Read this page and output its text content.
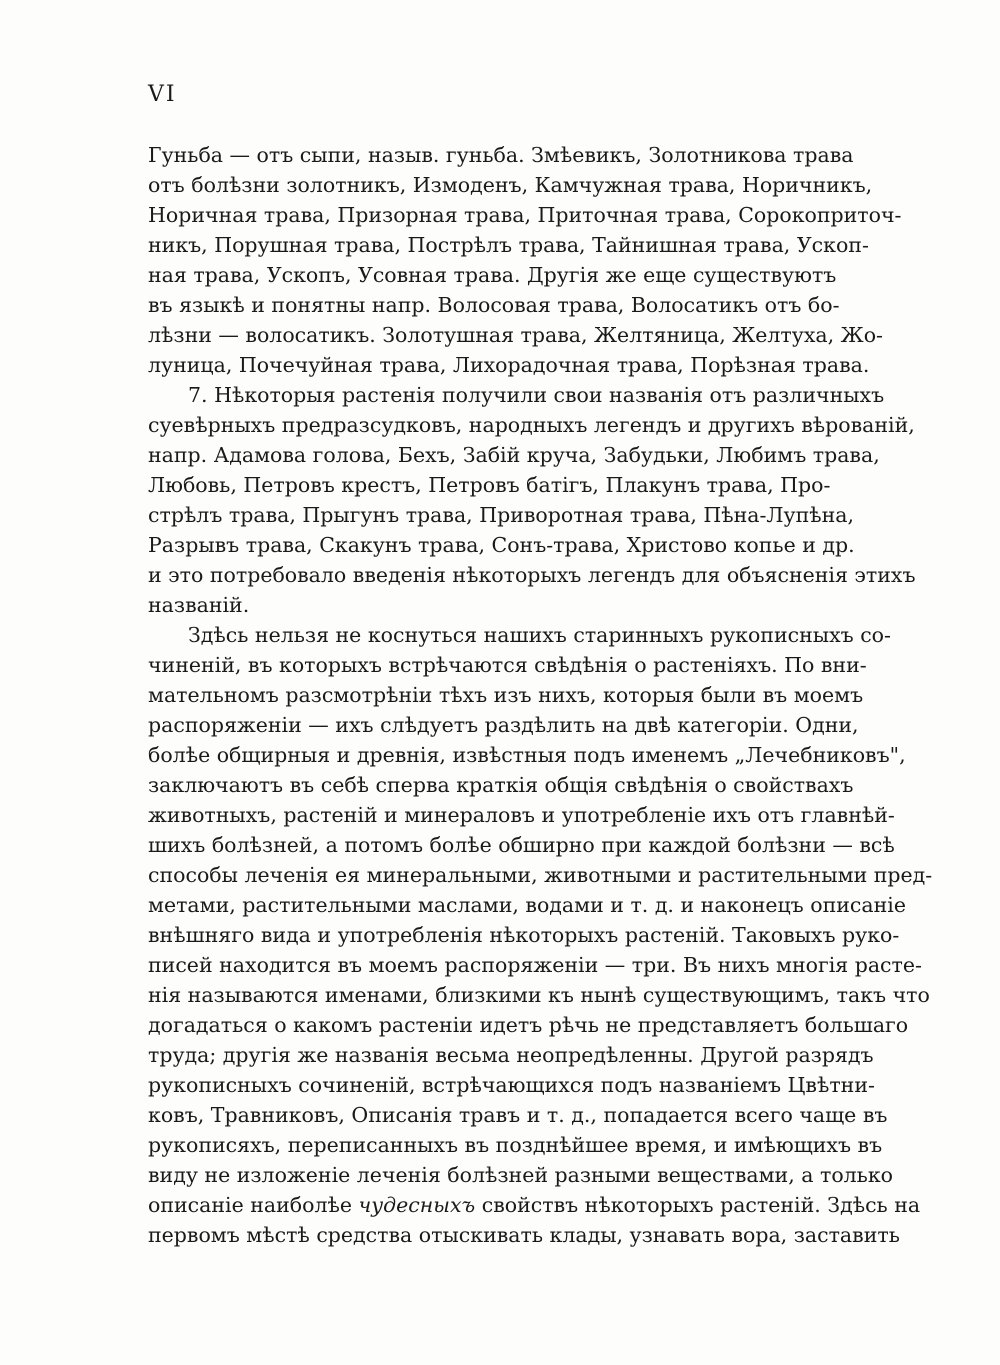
VI

Гуньба — отъ сыпи, назыв. гуньба. Змѣевикъ, Золотникова трава

отъ болѣзни золотникъ, Измоденъ, Камчужная трава, Норичникъ,

Норичная трава, Призорная трава, Приточная трава, Сорокоприточ-

никъ, Порушная трава, Пострѣлъ трава, Тайнишная трава, Ускоп-

ная трава, Ускопъ, Усовная трава. Другія же еще существуютъ

въ языкѣ и понятны напр. Волосовая трава, Волосатикъ отъ бо-

лѣзни — волосатикъ. Золотушная трава, Желтяница, Желтуха, Жо-

луница, Почечуйная трава, Лихорадочная трава, Порѣзная трава.

7. Нѣкоторыя растенія получили свои названія отъ различныхъ

суевѣрныхъ предразсудковъ, народныхъ легендъ и другихъ вѣрованій,

напр. Адамова голова, Бехъ, Забій круча, Забудьки, Любимъ трава,

Любовь, Петровъ крестъ, Петровъ батігъ, Плакунъ трава, Про-

стрѣлъ трава, Прыгунъ трава, Приворотная трава, Пѣна-Лупѣна,

Разрывъ трава, Скакунъ трава, Сонъ-трава, Христово копье и др.

и это потребовало введенія нѣкоторыхъ легендъ для объясненія этихъ

названій.

Здѣсь нельзя не коснуться нашихъ старинныхъ рукописныхъ со-

чиненій, въ которыхъ встрѣчаются свѣдѣнія о растеніяхъ. По вни-

мательномъ разсмотрѣніи тѣхъ изъ нихъ, которыя были въ моемъ

распоряженіи — ихъ слѣдуетъ раздѣлить на двѣ категоріи. Одни,

болѣе общирныя и древнія, извѣстныя подъ именемъ „Лечебниковъ",

заключаютъ въ себѣ сперва краткія общія свѣдѣнія о свойствахъ

животныхъ, растеній и минераловъ и употребленіе ихъ отъ главнѣй-

шихъ болѣзней, а потомъ болѣе обширно при каждой болѣзни — всѣ

способы леченія ея минеральными, животными и растительными пред-

метами, растительными маслами, водами и т. д. и наконецъ описаніе

внѣшняго вида и употребленія нѣкоторыхъ растеній. Таковыхъ руко-

писей находится въ моемъ распоряженіи — три. Въ нихъ многія расте-

нія называются именами, близкими къ нынѣ существующимъ, такъ что

догадаться о какомъ растеніи идетъ рѣчь не представляетъ большаго

труда; другія же названія весьма неопредѣленны. Другой разрядъ

рукописныхъ сочиненій, встрѣчающихся подъ названіемъ Цвѣтни-

ковъ, Травниковъ, Описанія травъ и т. д., попадается всего чаще въ

рукописяхъ, переписанныхъ въ позднѣйшее время, и имѣющихъ въ

виду не изложеніе леченія болѣзней разными веществами, а только

описаніе наиболѣе чудесныхъ свойствъ нѣкоторыхъ растеній. Здѣсь на

первомъ мѣстѣ средства отыскивать клады, узнавать вора, заставить
